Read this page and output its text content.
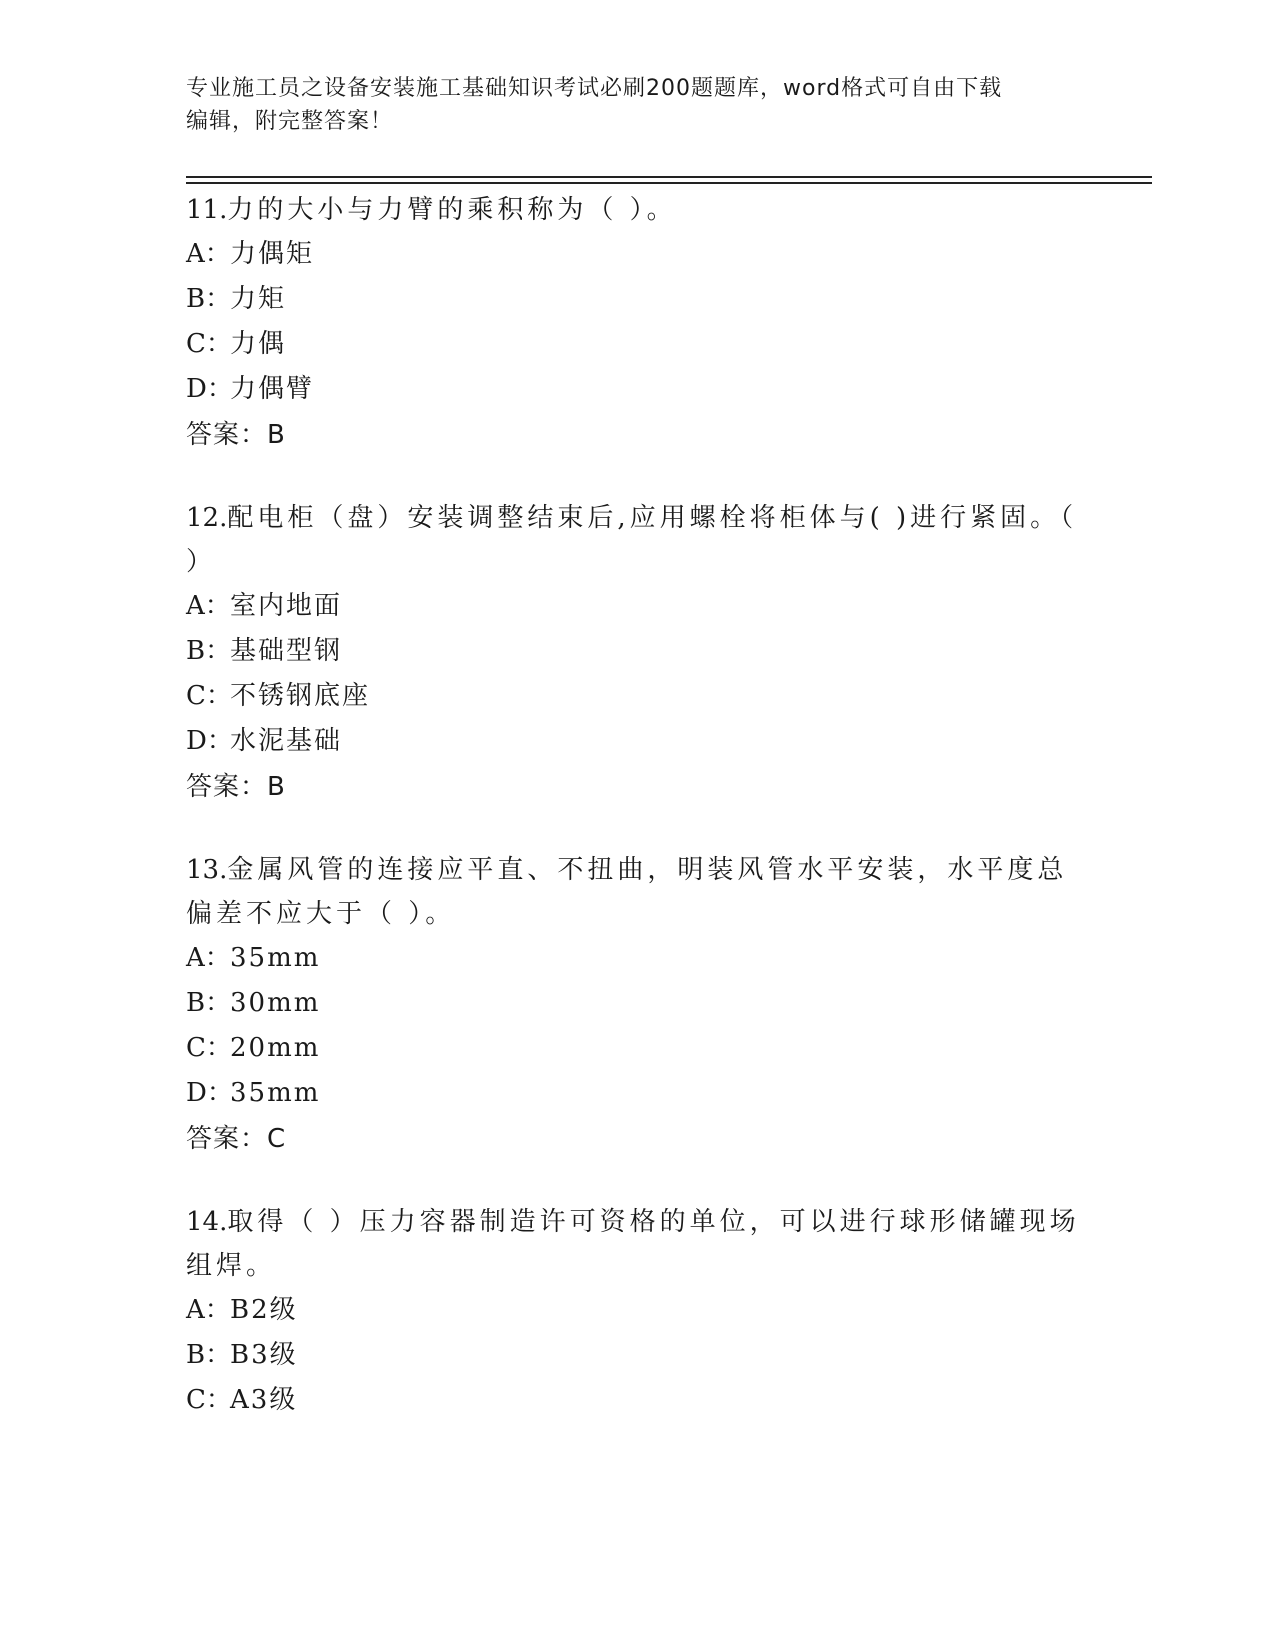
专业施工员之设备安装施工基础知识考试必刷200题题库，word格式可自由下载
编辑，附完整答案！

11.力的大小与力臂的乘积称为（ ）。

A：力偶矩

B：力矩

C：力偶

D：力偶臂

答案：B

12.配电柜（盘）安装调整结束后,应用螺栓将柜体与( )进行紧固。（ ）

A：室内地面

B：基础型钢

C：不锈钢底座

D：水泥基础

答案：B

13.金属风管的连接应平直、不扭曲，明装风管水平安装，水平度总偏差不应大于（ ）。

A：35mm

B：30mm

C：20mm

D：35mm

答案：C

14.取得（ ）压力容器制造许可资格的单位，可以进行球形储罐现场组焊。

A：B2级

B：B3级

C：A3级
